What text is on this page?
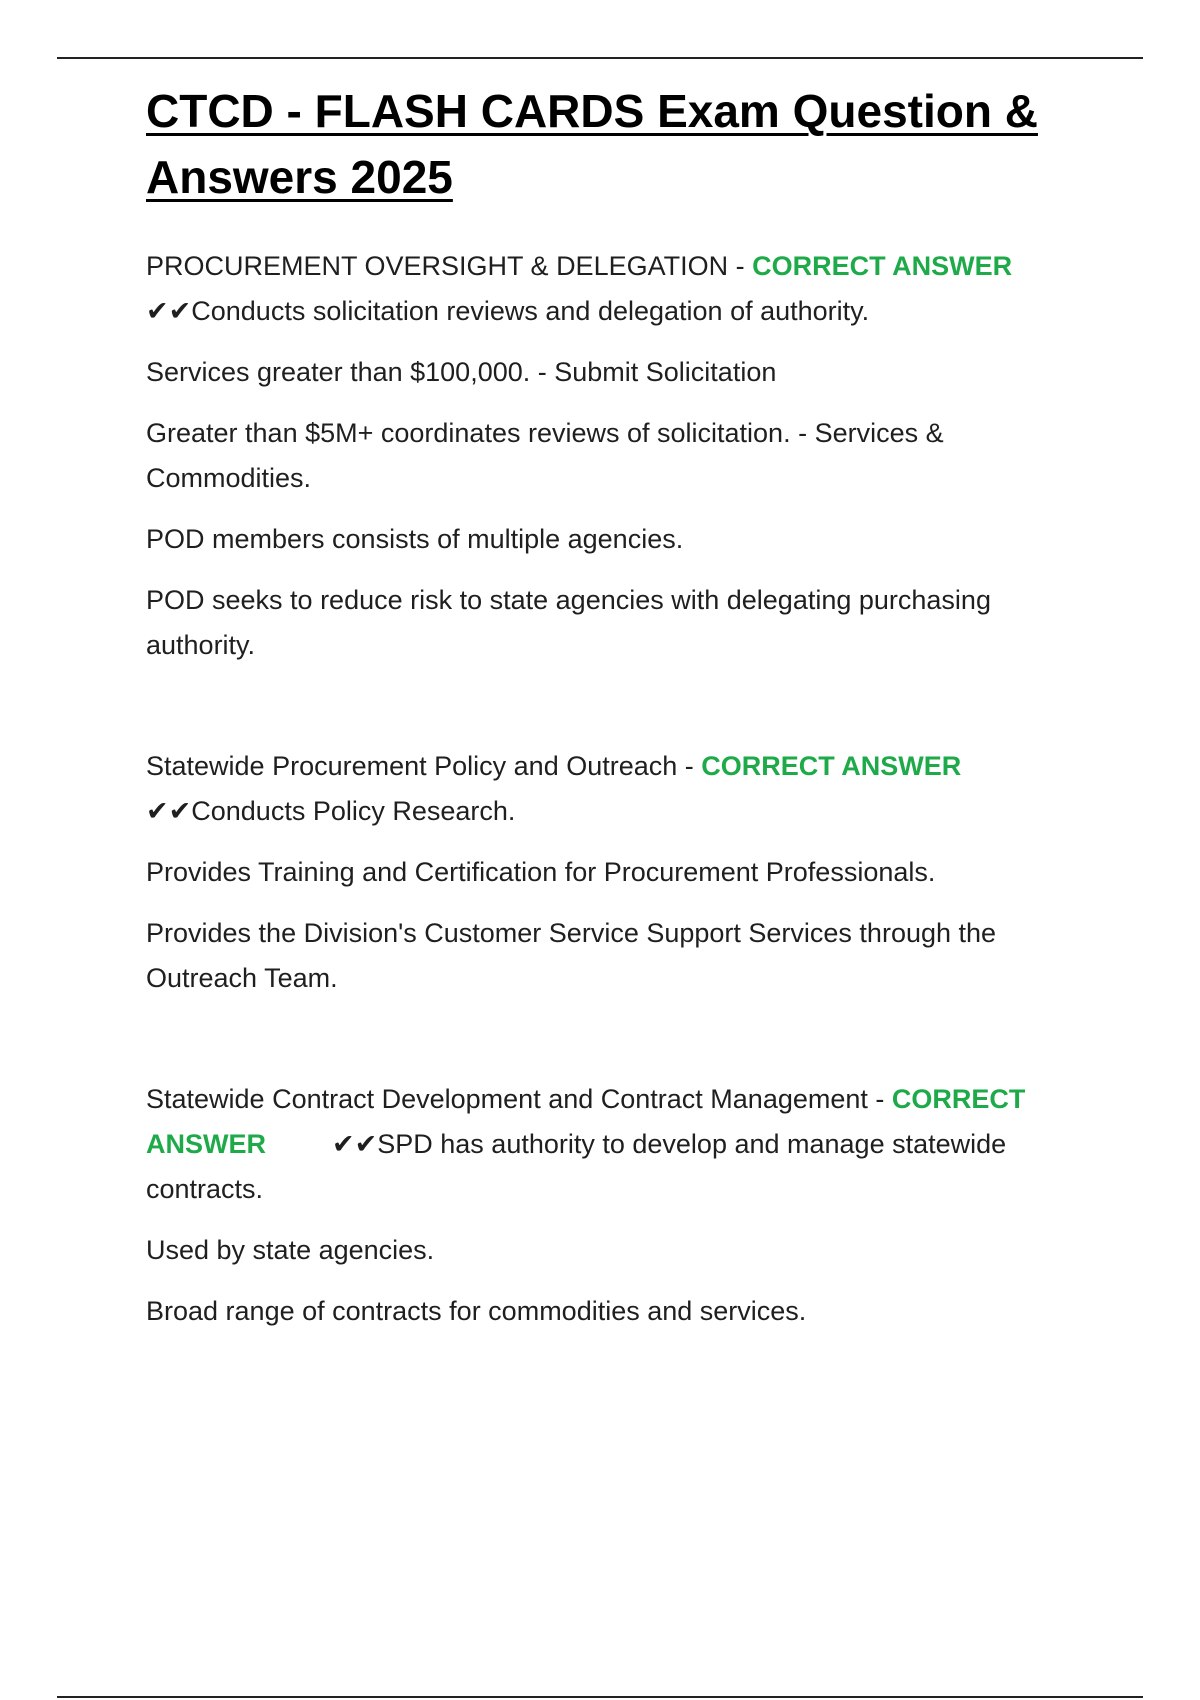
CTCD - FLASH CARDS Exam Question & Answers 2025

PROCUREMENT OVERSIGHT & DELEGATION - CORRECT ANSWER
✔✔Conducts solicitation reviews and delegation of authority.

Services greater than $100,000. - Submit Solicitation

Greater than $5M+ coordinates reviews of solicitation. - Services & Commodities.

POD members consists of multiple agencies.

POD seeks to reduce risk to state agencies with delegating purchasing authority.

Statewide Procurement Policy and Outreach - CORRECT ANSWER
✔✔Conducts Policy Research.

Provides Training and Certification for Procurement Professionals.

Provides the Division's Customer Service Support Services through the Outreach Team.

Statewide Contract Development and Contract Management - CORRECT ANSWER ✔✔SPD has authority to develop and manage statewide contracts.

Used by state agencies.

Broad range of contracts for commodities and services.
